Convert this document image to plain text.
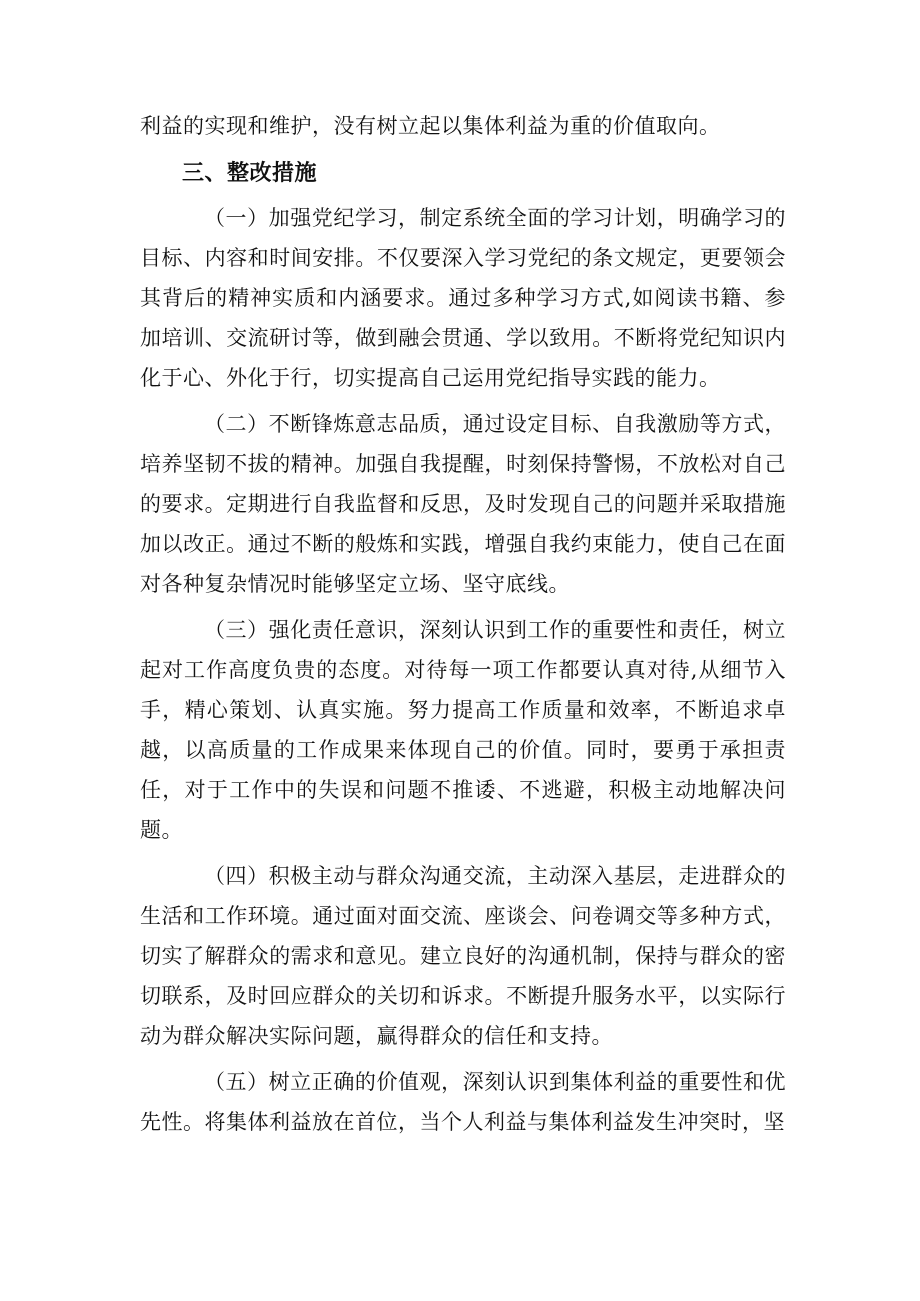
利益的实现和维护，没有树立起以集体利益为重的价值取向。

三、整改措施

（一）加强党纪学习，制定系统全面的学习计划，明确学习的目标、内容和时间安排。不仅要深入学习党纪的条文规定，更要领会其背后的精神实质和内涵要求。通过多种学习方式,如阅读书籍、参加培训、交流研讨等，做到融会贯通、学以致用。不断将党纪知识内化于心、外化于行，切实提高自己运用党纪指导实践的能力。

（二）不断锋炼意志品质，通过设定目标、自我激励等方式，培养坚韧不拔的精神。加强自我提醒，时刻保持警惕，不放松对自己的要求。定期进行自我监督和反思，及时发现自己的问题并采取措施加以改正。通过不断的般炼和实践，增强自我约束能力，使自己在面对各种复杂情况时能够坚定立场、坚守底线。

（三）强化责任意识，深刻认识到工作的重要性和责任，树立起对工作高度负贵的态度。对待每一项工作都要认真对待,从细节入手，精心策划、认真实施。努力提高工作质量和效率，不断追求卓越，以高质量的工作成果来体现自己的价值。同时，要勇于承担责任，对于工作中的失误和问题不推诿、不逃避，积极主动地解决问题。

（四）积极主动与群众沟通交流，主动深入基层，走进群众的生活和工作环境。通过面对面交流、座谈会、问卷调交等多种方式，切实了解群众的需求和意见。建立良好的沟通机制，保持与群众的密切联系，及时回应群众的关切和诉求。不断提升服务水平，以实际行动为群众解决实际问题，赢得群众的信任和支持。

（五）树立正确的价值观，深刻认识到集体利益的重要性和优先性。将集体利益放在首位，当个人利益与集体利益发生冲突时，坚
